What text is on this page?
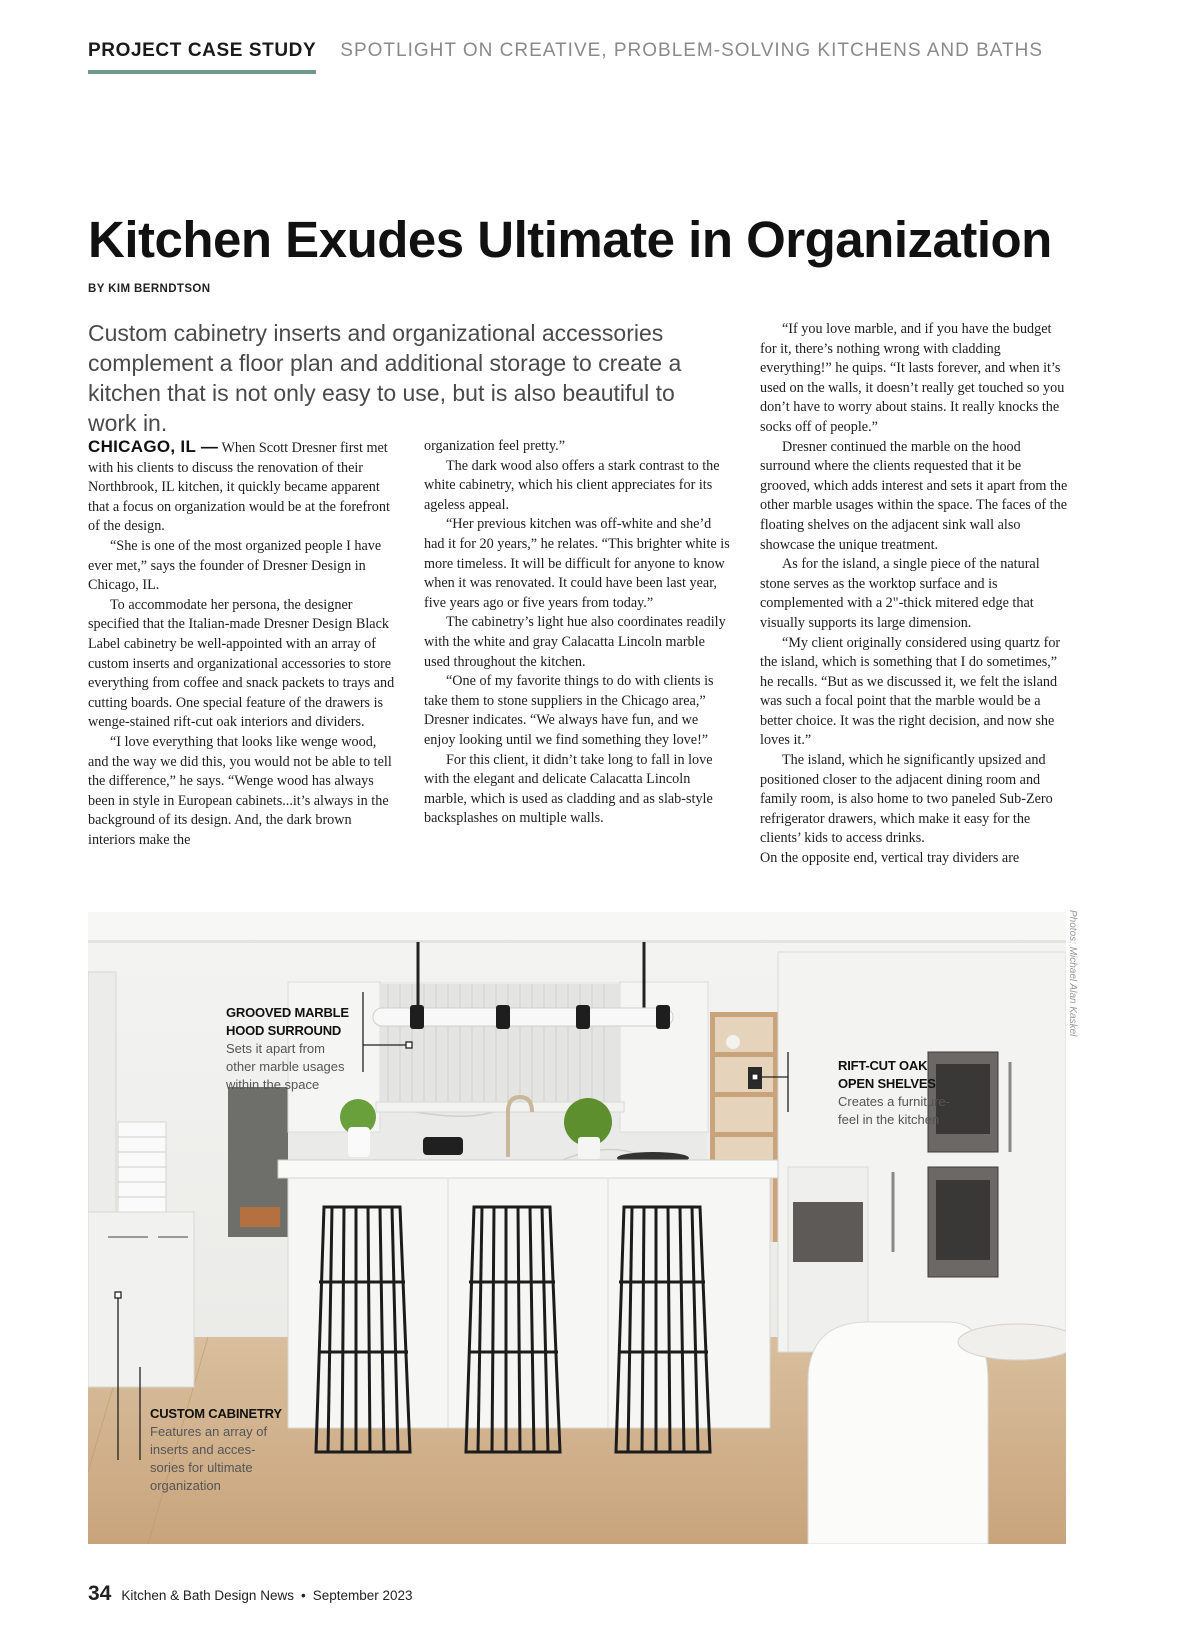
PROJECT CASE STUDY SPOTLIGHT ON CREATIVE, PROBLEM-SOLVING KITCHENS AND BATHS
Kitchen Exudes Ultimate in Organization
BY KIM BERNDTSON
Custom cabinetry inserts and organizational accessories complement a floor plan and additional storage to create a kitchen that is not only easy to use, but is also beautiful to work in.

CHICAGO, IL — When Scott Dresner first met with his clients to discuss the renovation of their Northbrook, IL kitchen, it quickly became apparent that a focus on organization would be at the forefront of the design.

“She is one of the most organized people I have ever met,” says the founder of Dresner Design in Chicago, IL.

To accommodate her persona, the designer specified that the Italian-made Dresner Design Black Label cabinetry be well-appointed with an array of custom inserts and organizational accessories to store everything from coffee and snack packets to trays and cutting boards. One special feature of the drawers is wenge-stained rift-cut oak interiors and dividers.

“I love everything that looks like wenge wood, and the way we did this, you would not be able to tell the difference,” he says. “Wenge wood has always been in style in European cabinets...it’s always in the background of its design. And, the dark brown interiors make the

organization feel pretty.”

The dark wood also offers a stark contrast to the white cabinetry, which his client appreciates for its ageless appeal.

“Her previous kitchen was off-white and she’d had it for 20 years,” he relates. “This brighter white is more timeless. It will be difficult for anyone to know when it was renovated. It could have been last year, five years ago or five years from today.”

The cabinetry’s light hue also coordinates readily with the white and gray Calacatta Lincoln marble used throughout the kitchen.

“One of my favorite things to do with clients is take them to stone suppliers in the Chicago area,” Dresner indicates. “We always have fun, and we enjoy looking until we find something they love!”

For this client, it didn’t take long to fall in love with the elegant and delicate Calacatta Lincoln marble, which is used as cladding and as slab-style backsplashes on multiple walls.

“If you love marble, and if you have the budget for it, there’s nothing wrong with cladding everything!” he quips. “It lasts forever, and when it’s used on the walls, it doesn’t really get touched so you don’t have to worry about stains. It really knocks the socks off of people.”

Dresner continued the marble on the hood surround where the clients requested that it be grooved, which adds interest and sets it apart from the other marble usages within the space. The faces of the floating shelves on the adjacent sink wall also showcase the unique treatment.

As for the island, a single piece of the natural stone serves as the worktop surface and is complemented with a 2"-thick mitered edge that visually supports its large dimension.

“My client originally considered using quartz for the island, which is something that I do sometimes,” he recalls. “But as we discussed it, we felt the island was such a focal point that the marble would be a better choice. It was the right decision, and now she loves it.”

The island, which he significantly upsized and positioned closer to the adjacent dining room and family room, is also home to two paneled Sub-Zero refrigerator drawers, which make it easy for the clients’ kids to access drinks.

On the opposite end, vertical tray dividers are

GROOVED MARBLE
HOOD SURROUND
Sets it apart from
other marble usages
within the space
RIFT-CUT OAK
OPEN SHELVES
Creates a furniture-
feel in the kitchen
CUSTOM CABINETRY
Features an array of
inserts and acces-
sories for ultimate
organization
Photos: Michael Alan Kaskel
34 Kitchen & Bath Design News • September 2023
